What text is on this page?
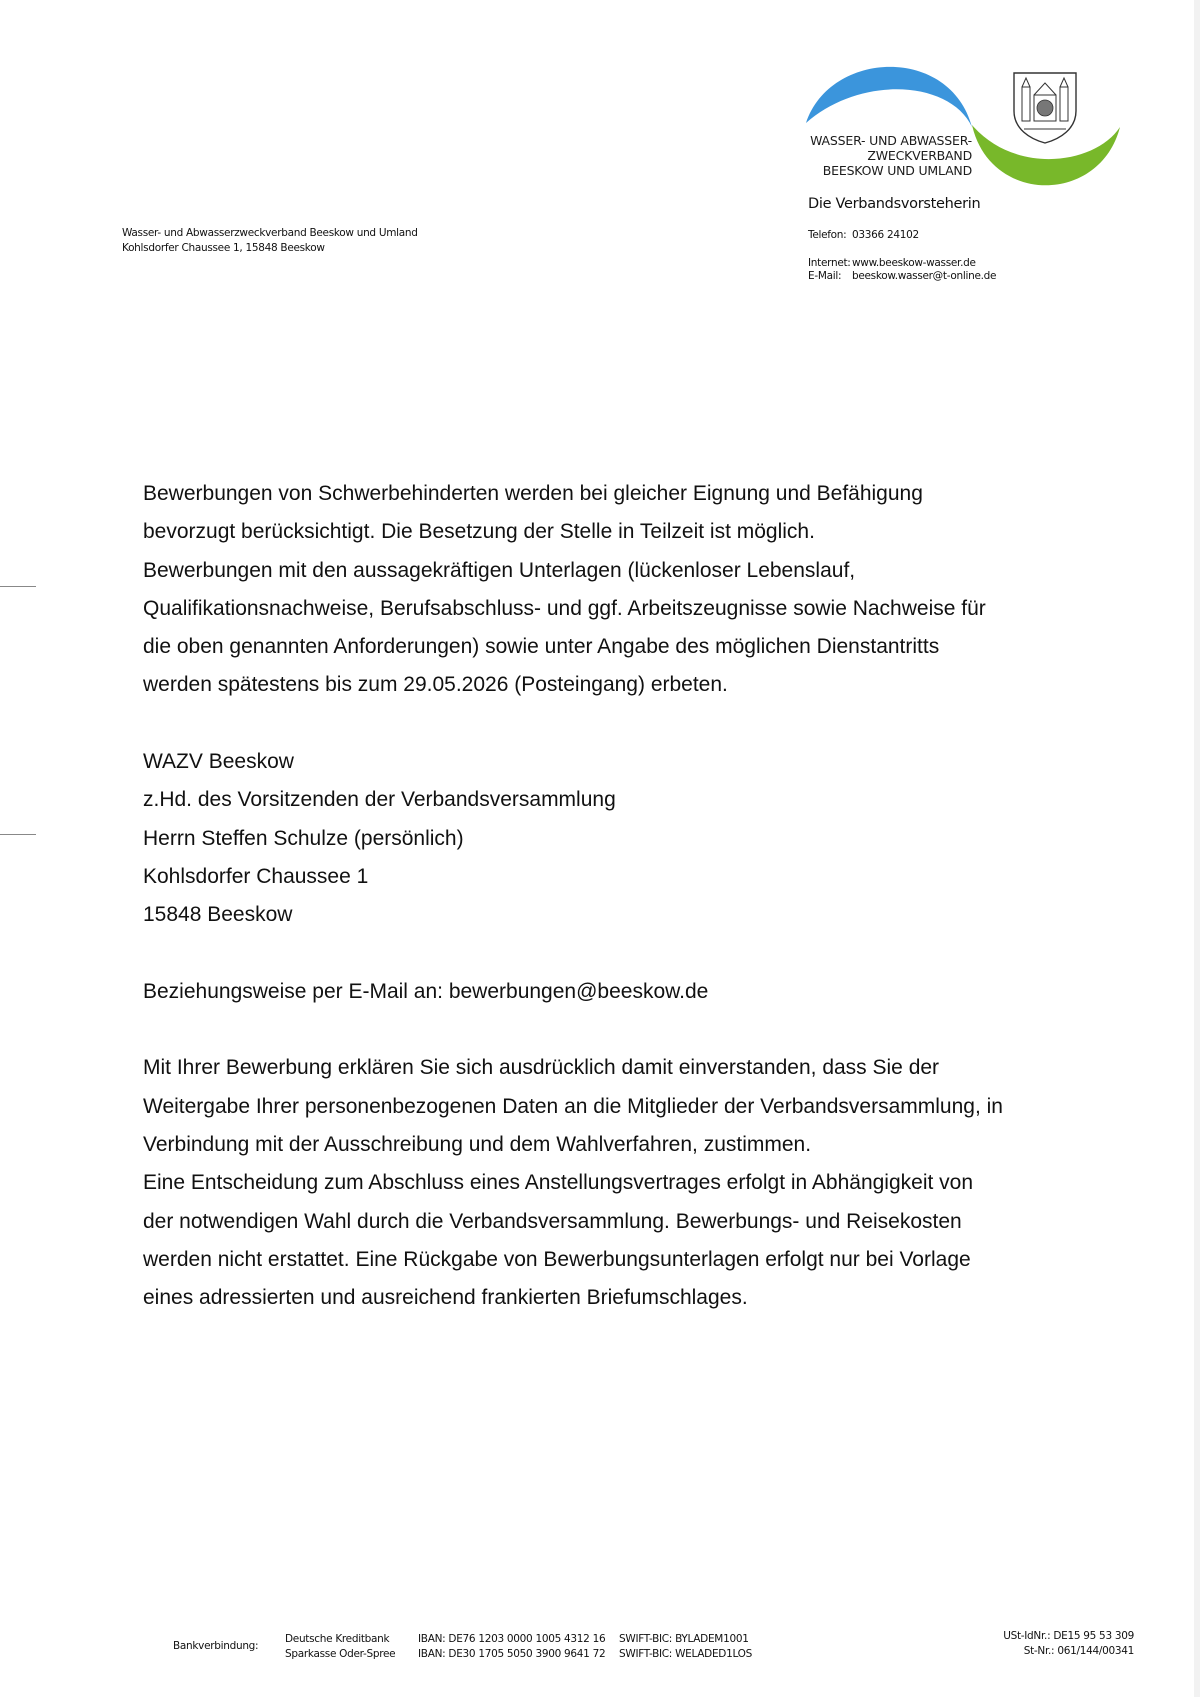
WASSER- UND ABWASSER-
ZWECKVERBAND
BEESKOW UND UMLAND
Die Verbandsvorsteherin
Telefon: 03366 24102
Internet:www.beeskow-wasser.de
E-Mail: beeskow.wasser@t-online.de
Wasser- und Abwasserzweckverband Beeskow und Umland
Kohlsdorfer Chaussee 1, 15848 Beeskow

Bewerbungen von Schwerbehinderten werden bei gleicher Eignung und Befähigung

bevorzugt berücksichtigt. Die Besetzung der Stelle in Teilzeit ist möglich.

Bewerbungen mit den aussagekräftigen Unterlagen (lückenloser Lebenslauf,

Qualifikationsnachweise, Berufsabschluss- und ggf. Arbeitszeugnisse sowie Nachweise für

die oben genannten Anforderungen) sowie unter Angabe des möglichen Dienstantritts

werden spätestens bis zum 29.05.2026 (Posteingang) erbeten.

WAZV Beeskow

z.Hd. des Vorsitzenden der Verbandsversammlung

Herrn Steffen Schulze (persönlich)

Kohlsdorfer Chaussee 1

15848 Beeskow

Beziehungsweise per E-Mail an: bewerbungen@beeskow.de

Mit Ihrer Bewerbung erklären Sie sich ausdrücklich damit einverstanden, dass Sie der

Weitergabe Ihrer personenbezogenen Daten an die Mitglieder der Verbandsversammlung, in

Verbindung mit der Ausschreibung und dem Wahlverfahren, zustimmen.

Eine Entscheidung zum Abschluss eines Anstellungsvertrages erfolgt in Abhängigkeit von

der notwendigen Wahl durch die Verbandsversammlung. Bewerbungs- und Reisekosten

werden nicht erstattet. Eine Rückgabe von Bewerbungsunterlagen erfolgt nur bei Vorlage

eines adressierten und ausreichend frankierten Briefumschlages.

Bankverbindung:
Deutsche Kreditbank
Sparkasse Oder-Spree
IBAN: DE76 1203 0000 1005 4312 16
IBAN: DE30 1705 5050 3900 9641 72
SWIFT-BIC: BYLADEM1001
SWIFT-BIC: WELADED1LOS
USt-IdNr.: DE15 95 53 309
St-Nr.: 061/144/00341
